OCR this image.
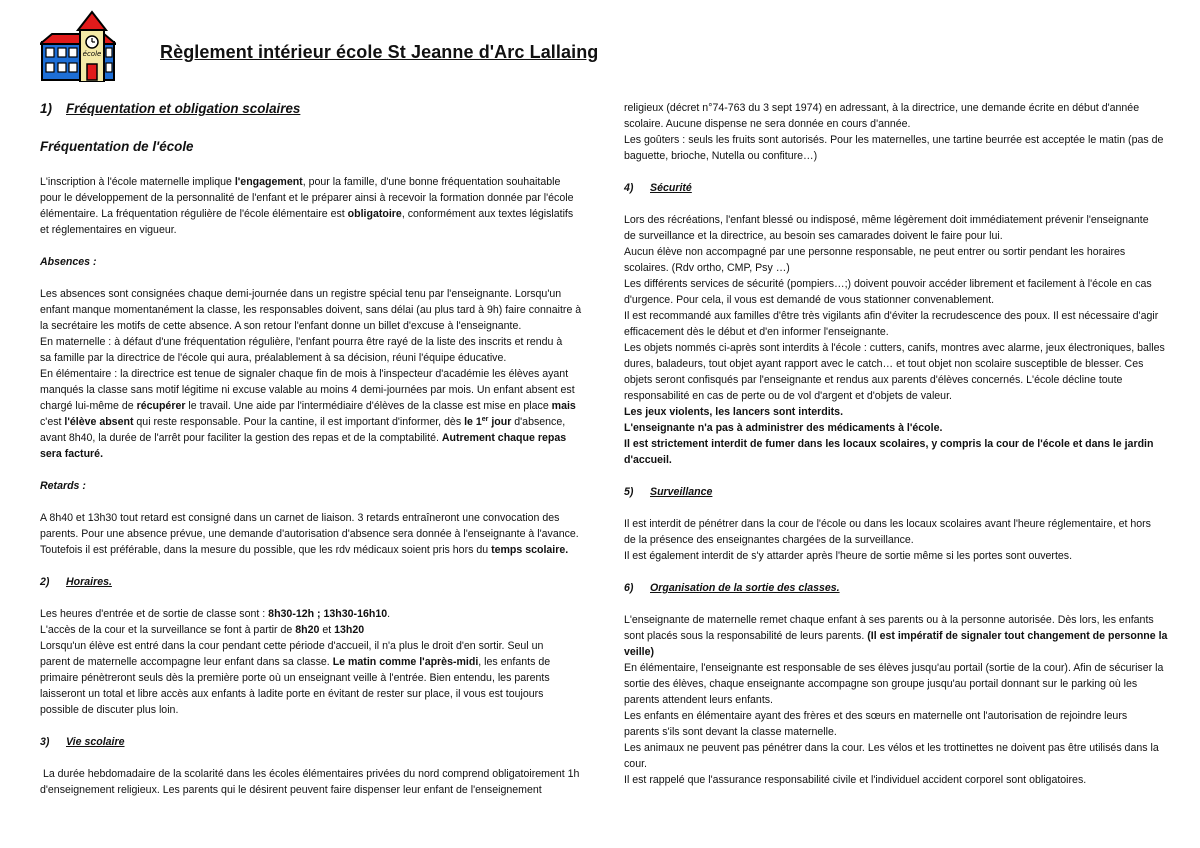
école	Règlement intérieur école St Jeanne d'Arc Lallaing
1) Fréquentation et obligation scolaires
Fréquentation de l'école
L'inscription à l'école maternelle implique l'engagement, pour la famille, d'une bonne fréquentation souhaitable
pour le développement de la personnalité de l'enfant et le préparer ainsi à recevoir la formation donnée par l'école
élémentaire. La fréquentation régulière de l'école élémentaire est obligatoire, conformément aux textes législatifs
et réglementaires en vigueur.
Absences :
Les absences sont consignées chaque demi-journée dans un registre spécial tenu par l'enseignante. Lorsqu'un
enfant manque momentanément la classe, les responsables doivent, sans délai (au plus tard à 9h) faire connaitre à
la secrétaire les motifs de cette absence. A son retour l'enfant donne un billet d'excuse à l'enseignante.
En maternelle : à défaut d'une fréquentation régulière, l'enfant pourra être rayé de la liste des inscrits et rendu à
sa famille par la directrice de l'école qui aura, préalablement à sa décision, réuni l'équipe éducative.
En élémentaire : la directrice est tenue de signaler chaque fin de mois à l'inspecteur d'académie les élèves ayant
manqués la classe sans motif légitime ni excuse valable au moins 4 demi-journées par mois. Un enfant absent est
chargé lui-même de récupérer le travail. Une aide par l'intermédiaire d'élèves de la classe est mise en place mais
c'est l'élève absent qui reste responsable. Pour la cantine, il est important d'informer, dès le 1er jour d'absence,
avant 8h40, la durée de l'arrêt pour faciliter la gestion des repas et de la comptabilité. Autrement chaque repas
sera facturé.
Retards :
A 8h40 et 13h30 tout retard est consigné dans un carnet de liaison. 3 retards entraîneront une convocation des
parents. Pour une absence prévue, une demande d'autorisation d'absence sera donnée à l'enseignante à l'avance.
Toutefois il est préférable, dans la mesure du possible, que les rdv médicaux soient pris hors du temps scolaire.
2) Horaires.
Les heures d'entrée et de sortie de classe sont : 8h30-12h ; 13h30-16h10.
L'accès de la cour et la surveillance se font à partir de 8h20 et 13h20
Lorsqu'un élève est entré dans la cour pendant cette période d'accueil, il n'a plus le droit d'en sortir. Seul un
parent de maternelle accompagne leur enfant dans sa classe. Le matin comme l'après-midi, les enfants de
primaire pénètreront seuls dès la première porte où un enseignant veille à l'entrée. Bien entendu, les parents
laisseront un total et libre accès aux enfants à ladite porte en évitant de rester sur place, il vous est toujours
possible de discuter plus loin.
3) Vie scolaire
La durée hebdomadaire de la scolarité dans les écoles élémentaires privées du nord comprend obligatoirement 1h
d'enseignement religieux. Les parents qui le désirent peuvent faire dispenser leur enfant de l'enseignement
religieux (décret n°74-763 du 3 sept 1974) en adressant, à la directrice, une demande écrite en début d'année
scolaire. Aucune dispense ne sera donnée en cours d'année.
Les goûters : seuls les fruits sont autorisés. Pour les maternelles, une tartine beurrée est acceptée le matin (pas de
baguette, brioche, Nutella ou confiture…)
4) Sécurité
Lors des récréations, l'enfant blessé ou indisposé, même légèrement doit immédiatement prévenir l'enseignante
de surveillance et la directrice, au besoin ses camarades doivent le faire pour lui.
Aucun élève non accompagné par une personne responsable, ne peut entrer ou sortir pendant les horaires
scolaires. (Rdv ortho, CMP, Psy …)
Les différents services de sécurité (pompiers…;) doivent pouvoir accéder librement et facilement à l'école en cas
d'urgence. Pour cela, il vous est demandé de vous stationner convenablement.
Il est recommandé aux familles d'être très vigilants afin d'éviter la recrudescence des poux. Il est nécessaire d'agir
efficacement dès le début et d'en informer l'enseignante.
Les objets nommés ci-après sont interdits à l'école : cutters, canifs, montres avec alarme, jeux électroniques, balles
dures, baladeurs, tout objet ayant rapport avec le catch… et tout objet non scolaire susceptible de blesser. Ces
objets seront confisqués par l'enseignante et rendus aux parents d'élèves concernés. L'école décline toute
responsabilité en cas de perte ou de vol d'argent et d'objets de valeur.
Les jeux violents, les lancers sont interdits.
L'enseignante n'a pas à administrer des médicaments à l'école.
Il est strictement interdit de fumer dans les locaux scolaires, y compris la cour de l'école et dans le jardin
d'accueil.
5) Surveillance
Il est interdit de pénétrer dans la cour de l'école ou dans les locaux scolaires avant l'heure réglementaire, et hors
de la présence des enseignantes chargées de la surveillance.
Il est également interdit de s'y attarder après l'heure de sortie même si les portes sont ouvertes.
6) Organisation de la sortie des classes.
L'enseignante de maternelle remet chaque enfant à ses parents ou à la personne autorisée. Dès lors, les enfants
sont placés sous la responsabilité de leurs parents. (Il est impératif de signaler tout changement de personne la
veille)
En élémentaire, l'enseignante est responsable de ses élèves jusqu'au portail (sortie de la cour). Afin de sécuriser la
sortie des élèves, chaque enseignante accompagne son groupe jusqu'au portail donnant sur le parking où les
parents attendent leurs enfants.
Les enfants en élémentaire ayant des frères et des sœurs en maternelle ont l'autorisation de rejoindre leurs
parents s'ils sont devant la classe maternelle.
Les animaux ne peuvent pas pénétrer dans la cour. Les vélos et les trottinettes ne doivent pas être utilisés dans la
cour.
Il est rappelé que l'assurance responsabilité civile et l'individuel accident corporel sont obligatoires.
